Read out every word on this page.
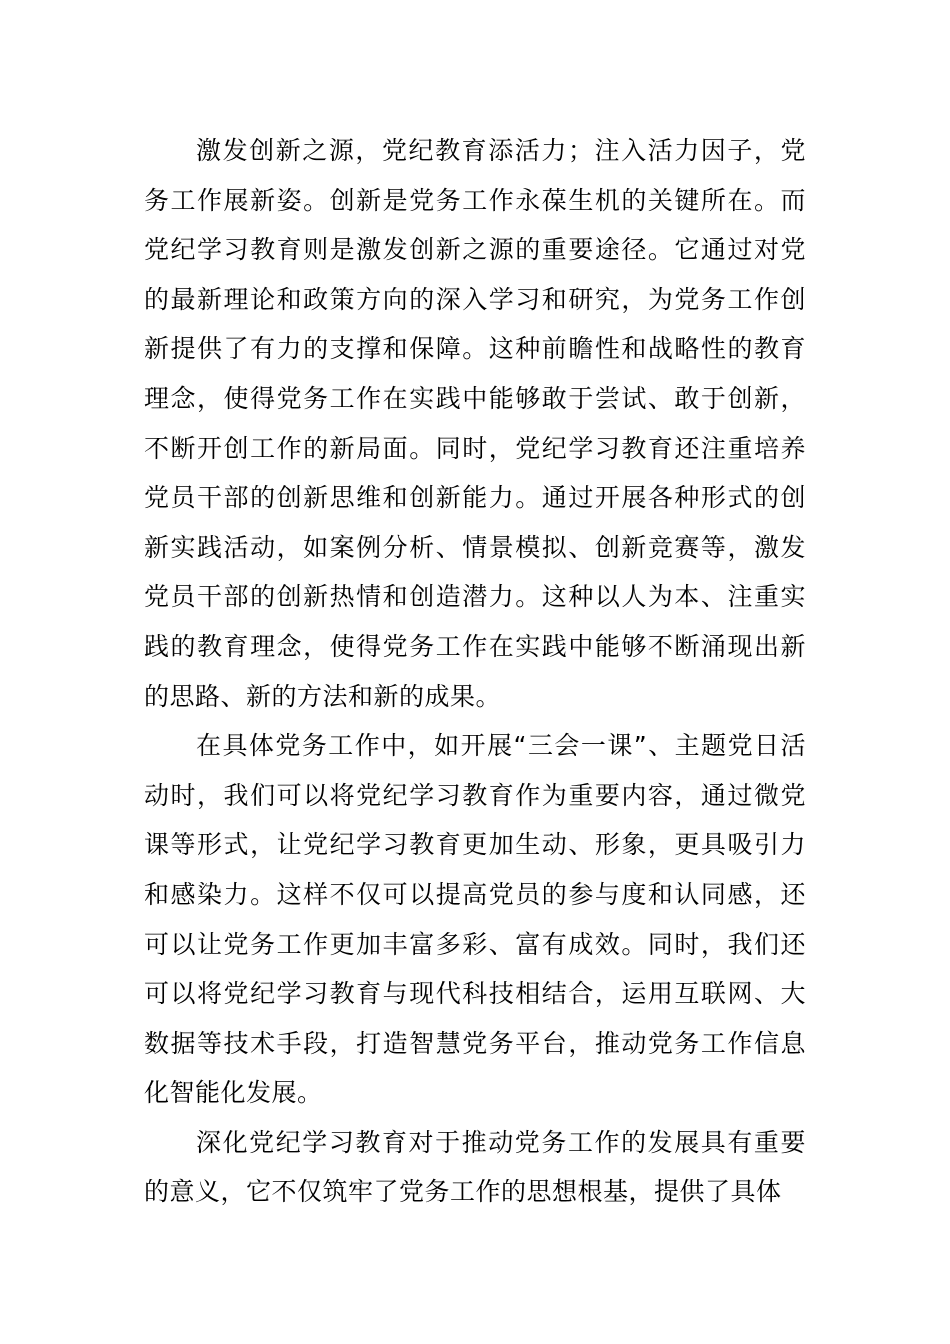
激发创新之源，党纪教育添活力；注入活力因子，党务工作展新姿。创新是党务工作永葆生机的关键所在。而党纪学习教育则是激发创新之源的重要途径。它通过对党的最新理论和政策方向的深入学习和研究，为党务工作创新提供了有力的支撑和保障。这种前瞻性和战略性的教育理念，使得党务工作在实践中能够敢于尝试、敢于创新，不断开创工作的新局面。同时，党纪学习教育还注重培养党员干部的创新思维和创新能力。通过开展各种形式的创新实践活动，如案例分析、情景模拟、创新竞赛等，激发党员干部的创新热情和创造潜力。这种以人为本、注重实践的教育理念，使得党务工作在实践中能够不断涌现出新的思路、新的方法和新的成果。

在具体党务工作中，如开展“三会一课”、主题党日活动时，我们可以将党纪学习教育作为重要内容，通过微党课等形式，让党纪学习教育更加生动、形象，更具吸引力和感染力。这样不仅可以提高党员的参与度和认同感，还可以让党务工作更加丰富多彩、富有成效。同时，我们还可以将党纪学习教育与现代科技相结合，运用互联网、大数据等技术手段，打造智慧党务平台，推动党务工作信息化智能化发展。

深化党纪学习教育对于推动党务工作的发展具有重要的意义，它不仅筑牢了党务工作的思想根基，提供了具体
